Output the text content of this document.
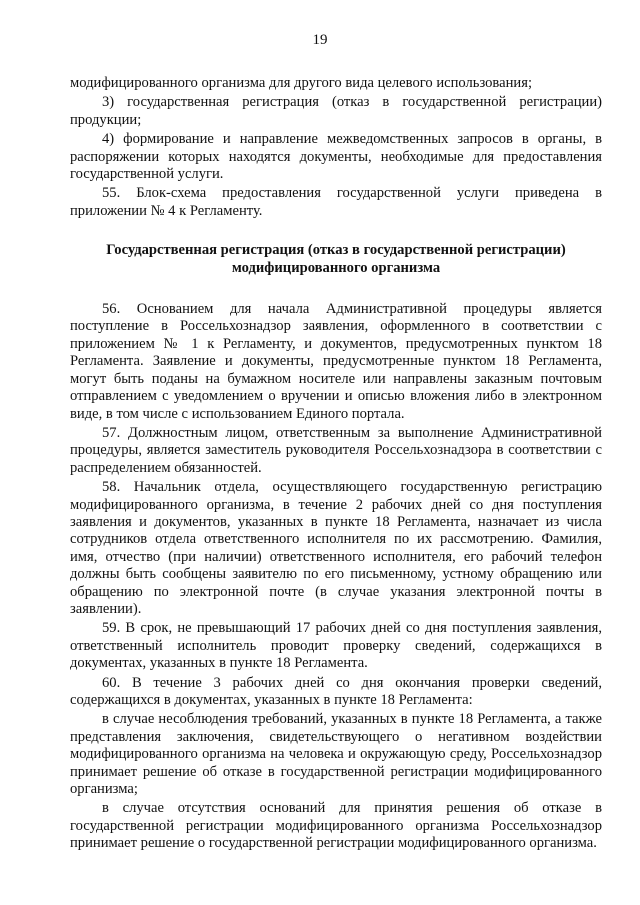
19

модифицированного организма для другого вида целевого использования;

3) государственная регистрация (отказ в государственной регистрации) продукции;

4) формирование и направление межведомственных запросов в органы, в распоряжении которых находятся документы, необходимые для предоставления государственной услуги.

55. Блок-схема предоставления государственной услуги приведена в приложении № 4 к Регламенту.

Государственная регистрация (отказ в государственной регистрации) модифицированного организма

56. Основанием для начала Административной процедуры является поступление в Россельхознадзор заявления, оформленного в соответствии с приложением № 1 к Регламенту, и документов, предусмотренных пунктом 18 Регламента. Заявление и документы, предусмотренные пунктом 18 Регламента, могут быть поданы на бумажном носителе или направлены заказным почтовым отправлением с уведомлением о вручении и описью вложения либо в электронном виде, в том числе с использованием Единого портала.

57. Должностным лицом, ответственным за выполнение Административной процедуры, является заместитель руководителя Россельхознадзора в соответствии с распределением обязанностей.

58. Начальник отдела, осуществляющего государственную регистрацию модифицированного организма, в течение 2 рабочих дней со дня поступления заявления и документов, указанных в пункте 18 Регламента, назначает из числа сотрудников отдела ответственного исполнителя по их рассмотрению. Фамилия, имя, отчество (при наличии) ответственного исполнителя, его рабочий телефон должны быть сообщены заявителю по его письменному, устному обращению или обращению по электронной почте (в случае указания электронной почты в заявлении).

59. В срок, не превышающий 17 рабочих дней со дня поступления заявления, ответственный исполнитель проводит проверку сведений, содержащихся в документах, указанных в пункте 18 Регламента.

60. В течение 3 рабочих дней со дня окончания проверки сведений, содержащихся в документах, указанных в пункте 18 Регламента:

в случае несоблюдения требований, указанных в пункте 18 Регламента, а также представления заключения, свидетельствующего о негативном воздействии модифицированного организма на человека и окружающую среду, Россельхознадзор принимает решение об отказе в государственной регистрации модифицированного организма;

в случае отсутствия оснований для принятия решения об отказе в государственной регистрации модифицированного организма Россельхознадзор принимает решение о государственной регистрации модифицированного организма.
